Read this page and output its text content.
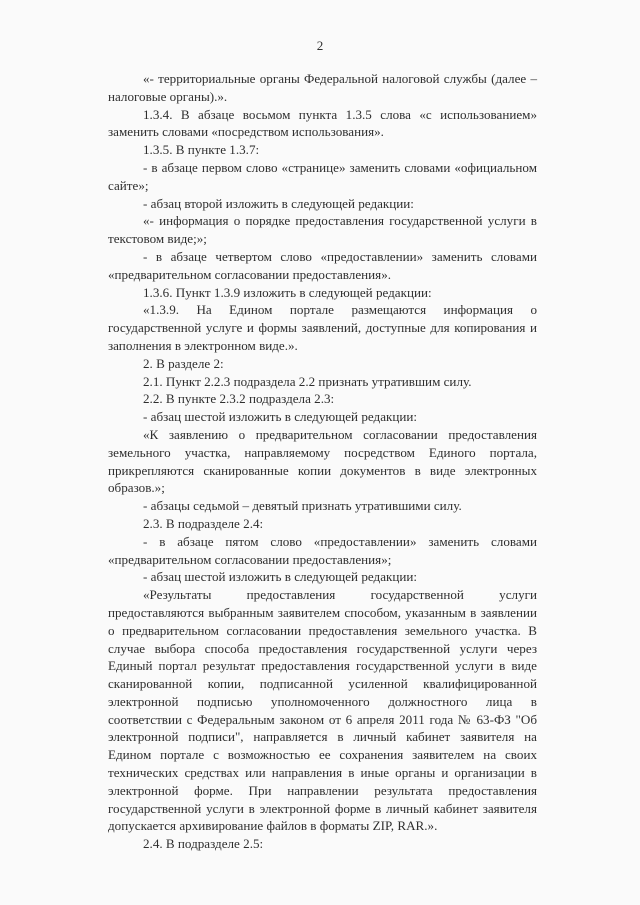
2

«- территориальные органы Федеральной налоговой службы (далее – налоговые органы).».

1.3.4. В абзаце восьмом пункта 1.3.5 слова «с использованием» заменить словами «посредством использования».

1.3.5. В пункте 1.3.7:

- в абзаце первом слово «странице» заменить словами «официальном сайте»;

- абзац второй изложить в следующей редакции:

«- информация о порядке предоставления государственной услуги в текстовом виде;»;

- в абзаце четвертом слово «предоставлении» заменить словами «предварительном согласовании предоставления».

1.3.6. Пункт 1.3.9 изложить в следующей редакции:

«1.3.9. На Едином портале размещаются информация о государственной услуге и формы заявлений, доступные для копирования и заполнения в электронном виде.».

2. В разделе 2:

2.1. Пункт 2.2.3 подраздела 2.2 признать утратившим силу.

2.2. В пункте 2.3.2 подраздела 2.3:

- абзац шестой изложить в следующей редакции:

«К заявлению о предварительном согласовании предоставления земельного участка, направляемому посредством Единого портала, прикрепляются сканированные копии документов в виде электронных образов.»;

- абзацы седьмой – девятый признать утратившими силу.

2.3. В подразделе 2.4:

- в абзаце пятом слово «предоставлении» заменить словами «предварительном согласовании предоставления»;

- абзац шестой изложить в следующей редакции:

«Результаты предоставления государственной услуги предоставляются выбранным заявителем способом, указанным в заявлении о предварительном согласовании предоставления земельного участка. В случае выбора способа предоставления государственной услуги через Единый портал результат предоставления государственной услуги в виде сканированной копии, подписанной усиленной квалифицированной электронной подписью уполномоченного должностного лица в соответствии с Федеральным законом от 6 апреля 2011 года № 63-ФЗ "Об электронной подписи", направляется в личный кабинет заявителя на Едином портале с возможностью ее сохранения заявителем на своих технических средствах или направления в иные органы и организации в электронной форме. При направлении результата предоставления государственной услуги в электронной форме в личный кабинет заявителя допускается архивирование файлов в форматы ZIP, RAR.».

2.4. В подразделе 2.5:
